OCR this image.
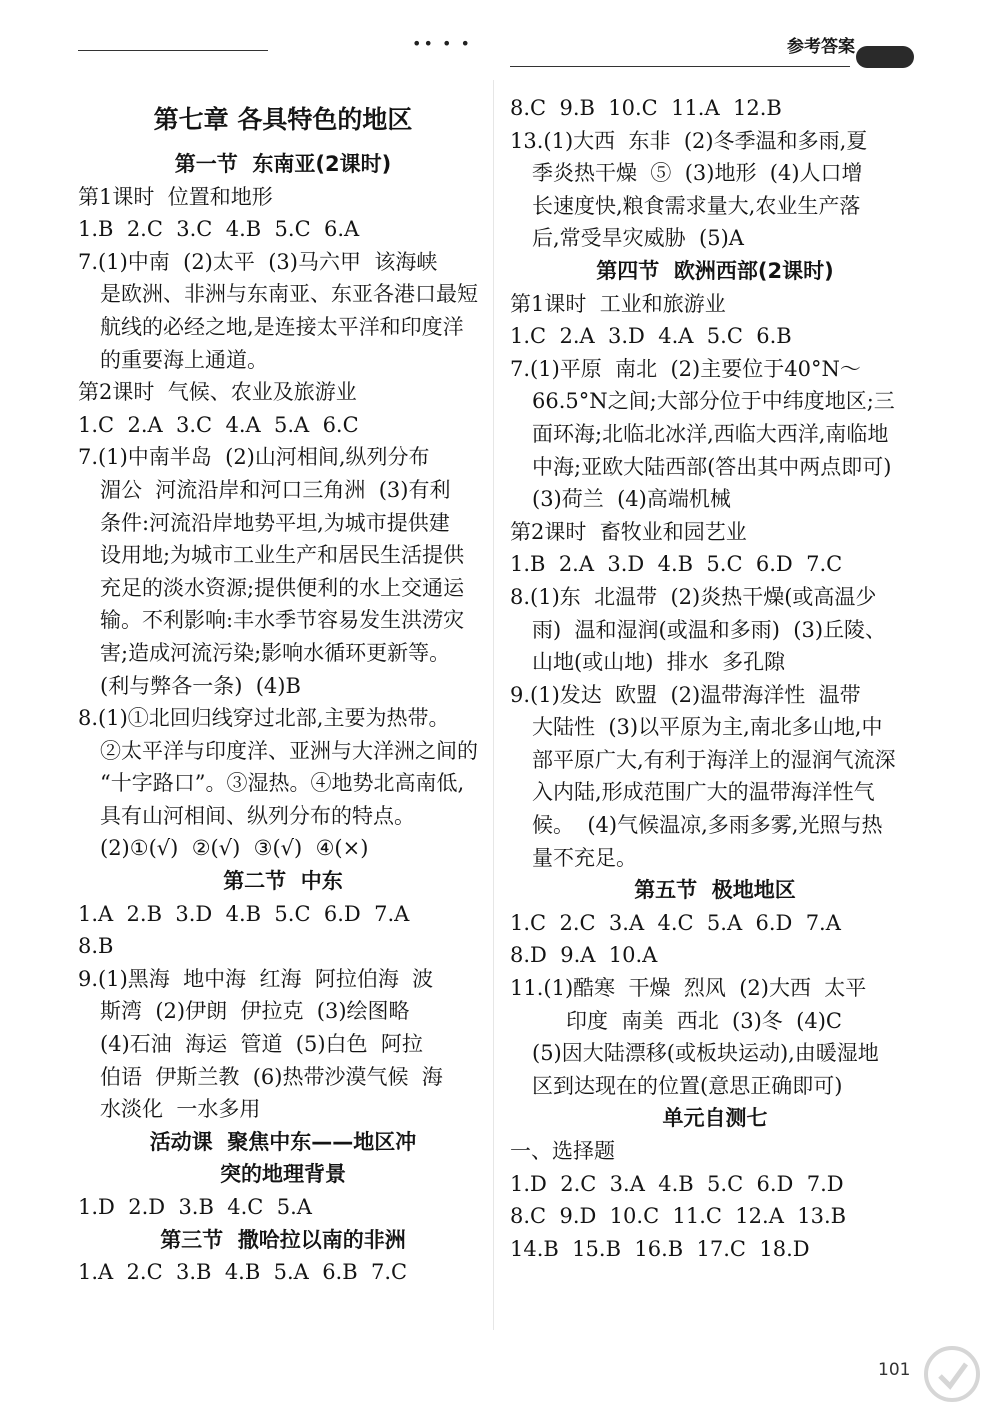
•• • •	参考答案
第七章 各具特色的地区
第一节  东南亚(2课时)
第1课时  位置和地形
1.B  2.C  3.C  4.B  5.C  6.A
7.(1)中南  (2)太平  (3)马六甲  该海峡
是欧洲、非洲与东南亚、东亚各港口最短
航线的必经之地,是连接太平洋和印度洋
的重要海上通道。
第2课时  气候、农业及旅游业
1.C  2.A  3.C  4.A  5.A  6.C
7.(1)中南半岛  (2)山河相间,纵列分布
湄公  河流沿岸和河口三角洲  (3)有利
条件:河流沿岸地势平坦,为城市提供建
设用地;为城市工业生产和居民生活提供
充足的淡水资源;提供便利的水上交通运
输。不利影响:丰水季节容易发生洪涝灾
害;造成河流污染;影响水循环更新等。
(利与弊各一条)  (4)B
8.(1)①北回归线穿过北部,主要为热带。
②太平洋与印度洋、亚洲与大洋洲之间的
“十字路口”。③湿热。④地势北高南低,
具有山河相间、纵列分布的特点。
(2)①(√)  ②(√)  ③(√)  ④(×)
第二节  中东
1.A  2.B  3.D  4.B  5.C  6.D  7.A
8.B
9.(1)黑海  地中海  红海  阿拉伯海  波
斯湾  (2)伊朗  伊拉克  (3)绘图略
(4)石油  海运  管道  (5)白色  阿拉
伯语  伊斯兰教  (6)热带沙漠气候  海
水淡化  一水多用
活动课  聚焦中东——地区冲
突的地理背景
1.D  2.D  3.B  4.C  5.A
第三节  撒哈拉以南的非洲
1.A  2.C  3.B  4.B  5.A  6.B  7.C
8.C  9.B  10.C  11.A  12.B
13.(1)大西  东非  (2)冬季温和多雨,夏
季炎热干燥  ⑤  (3)地形  (4)人口增
长速度快,粮食需求量大,农业生产落
后,常受旱灾威胁  (5)A
第四节  欧洲西部(2课时)
第1课时  工业和旅游业
1.C  2.A  3.D  4.A  5.C  6.B
7.(1)平原  南北  (2)主要位于40°N～
66.5°N之间;大部分位于中纬度地区;三
面环海;北临北冰洋,西临大西洋,南临地
中海;亚欧大陆西部(答出其中两点即可)
(3)荷兰  (4)高端机械
第2课时  畜牧业和园艺业
1.B  2.A  3.D  4.B  5.C  6.D  7.C
8.(1)东  北温带  (2)炎热干燥(或高温少
雨)  温和湿润(或温和多雨)  (3)丘陵、
山地(或山地)  排水  多孔隙
9.(1)发达  欧盟  (2)温带海洋性  温带
大陆性  (3)以平原为主,南北多山地,中
部平原广大,有利于海洋上的湿润气流深
入内陆,形成范围广大的温带海洋性气
候。  (4)气候温凉,多雨多雾,光照与热
量不充足。
第五节  极地地区
1.C  2.C  3.A  4.C  5.A  6.D  7.A
8.D  9.A  10.A
11.(1)酷寒  干燥  烈风  (2)大西  太平
印度  南美  西北  (3)冬  (4)C
(5)因大陆漂移(或板块运动),由暖湿地
区到达现在的位置(意思正确即可)
单元自测七
一、选择题
1.D  2.C  3.A  4.B  5.C  6.D  7.D
8.C  9.D  10.C  11.C  12.A  13.B
14.B  15.B  16.B  17.C  18.D
101
